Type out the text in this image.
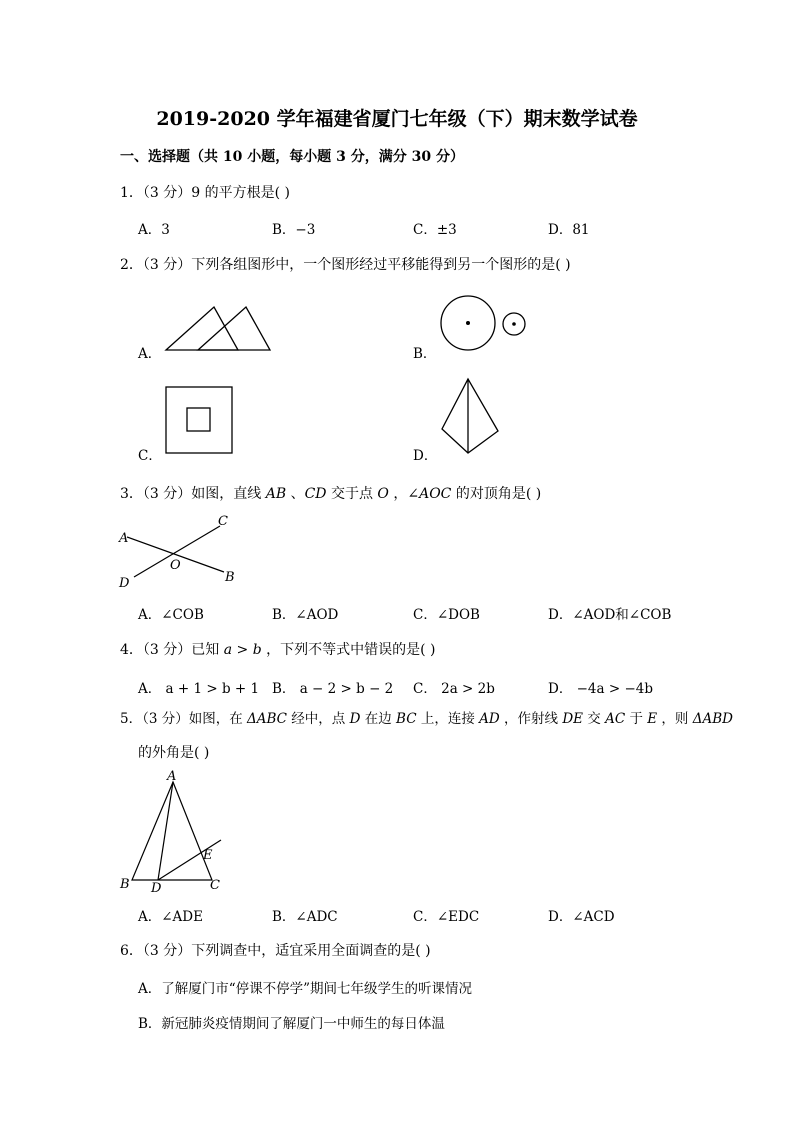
2019-2020 学年福建省厦门七年级（下）期末数学试卷
一、选择题（共 10 小题，每小题 3 分，满分 30 分）
1．（3 分）9 的平方根是( )
A．3	B．−3	C．±3	D．81
2．（3 分）下列各组图形中，一个图形经过平移能得到另一个图形的是( )
A．	B．
C．	D．
3．（3 分）如图，直线 AB 、CD 交于点 O ，∠AOC 的对顶角是( )
A
B
C
D
O
A．∠COB	B．∠AOD	C．∠DOB	D．∠AOD和∠COB
4．（3 分）已知 a > b ，下列不等式中错误的是( )
A． a + 1 > b + 1 B． a − 2 > b − 2 C． 2a > 2b	D． −4a > −4b
5．（3 分）如图，在 ΔABC 经中，点 D 在边 BC 上，连接 AD ，作射线 DE 交 AC 于 E ，则 ΔABD
的外角是( )
A
B	C
D
E
A．∠ADE	B．∠ADC	C．∠EDC	D．∠ACD
6．（3 分）下列调查中，适宜采用全面调查的是( )
A．了解厦门市“停课不停学”期间七年级学生的听课情况
B．新冠肺炎疫情期间了解厦门一中师生的每日体温
